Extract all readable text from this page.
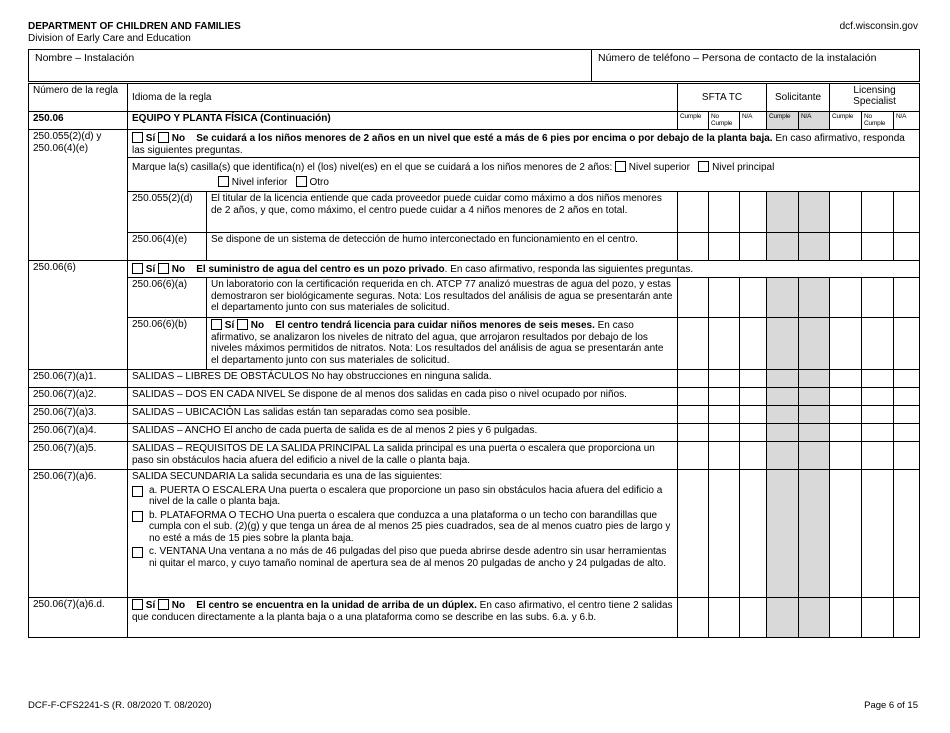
DEPARTMENT OF CHILDREN AND FAMILIES
Division of Early Care and Education
dcf.wisconsin.gov
Nombre – Instalación	Número de teléfono – Persona de contacto de la instalación
Número de la regla	Idioma de la regla		SFTA TC			Solicitante		Licensing Specialist		
250.06	EQUIPO Y PLANTA FÍSICA (Continuación)		Cumple	No Cumple	N/A	Cumple	N/A	Cumple	No Cumple	N/A
250.055(2)(d) y 250.06(4)(e)	Sí No Se cuidará a los niños menores de 2 años en un nivel que esté a más de 6 pies por encima o por debajo de la planta baja. En caso afirmativo, responda las siguientes preguntas.									
	Marque la(s) casilla(s) que identifica(n) el (los) nivel(es) en el que se cuidará a los niños menores de 2 años: Nivel superior Nivel principal
Nivel inferior Otro									

	250.055(2)(d)	El titular de la licencia entiende que cada proveedor puede cuidar como máximo a dos niños menores de 2 años, y que, como máximo, el centro puede cuidar a 4 niños menores de 2 años en total.								
	250.06(4)(e)	Se dispone de un sistema de detección de humo interconectado en funcionamiento en el centro.								
250.06(6)	Sí No El suministro de agua del centro es un pozo privado. En caso afirmativo, responda las siguientes preguntas.									
	250.06(6)(a)	Un laboratorio con la certificación requerida en ch. ATCP 77 analizó muestras de agua del pozo, y estas demostraron ser biológicamente seguras. Nota: Los resultados del análisis de agua se presentarán ante el departamento junto con sus materiales de solicitud.								
	250.06(6)(b)	Sí No El centro tendrá licencia para cuidar niños menores de seis meses. En caso afirmativo, se analizaron los niveles de nitrato del agua, que arrojaron resultados por debajo de los niveles máximos permitidos de nitratos. Nota: Los resultados del análisis de agua se presentarán ante el departamento junto con sus materiales de solicitud.								
250.06(7)(a)1.	SALIDAS – LIBRES DE OBSTÁCULOS No hay obstrucciones en ninguna salida.									
250.06(7)(a)2.	SALIDAS – DOS EN CADA NIVEL Se dispone de al menos dos salidas en cada piso o nivel ocupado por niños.									
250.06(7)(a)3.	SALIDAS – UBICACIÓN Las salidas están tan separadas como sea posible.									
250.06(7)(a)4.	SALIDAS – ANCHO El ancho de cada puerta de salida es de al menos 2 pies y 6 pulgadas.									
250.06(7)(a)5.	SALIDAS – REQUISITOS DE LA SALIDA PRINCIPAL La salida principal es una puerta o escalera que proporciona un paso sin obstáculos hacia afuera del edificio a nivel de la calle o planta baja.									
250.06(7)(a)6.	SALIDA SECUNDARIA La salida secundaria es una de las siguientes:
a. PUERTA O ESCALERA Una puerta o escalera que proporcione un paso sin obstáculos hacia afuera del edificio a nivel de la calle o planta baja.
b. PLATAFORMA O TECHO Una puerta o escalera que conduzca a una plataforma o un techo con barandillas que cumpla con el sub. (2)(g) y que tenga un área de al menos 25 pies cuadrados, sea de al menos cuatro pies de largo y no esté a más de 15 pies sobre la planta baja.
c. VENTANA Una ventana a no más de 46 pulgadas del piso que pueda abrirse desde adentro sin usar herramientas ni quitar el marco, y cuyo tamaño nominal de apertura sea de al menos 20 pulgadas de ancho y 24 pulgadas de alto.									

250.06(7)(a)6.d.	Sí No El centro se encuentra en la unidad de arriba de un dúplex. En caso afirmativo, el centro tiene 2 salidas que conducen directamente a la planta baja o a una plataforma como se describe en las subs. 6.a. y 6.b.									
DCF-F-CFS2241-S (R. 08/2020 T. 08/2020)	Page 6 of 15
